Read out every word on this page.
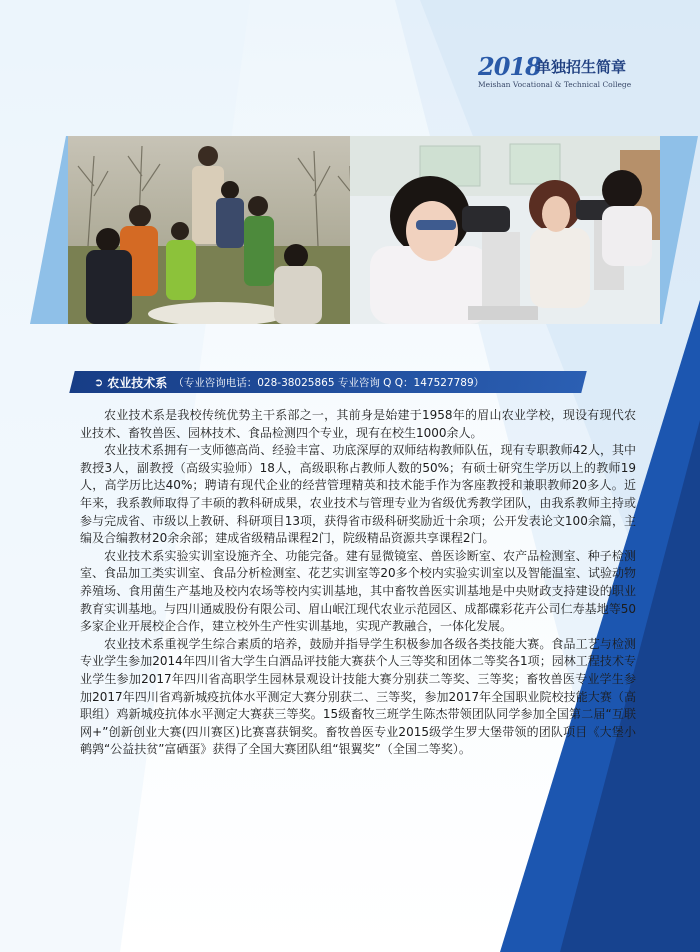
2018
单独招生简章
Meishan Vocational & Technical College
➲ 农业技术系 （专业咨询电话：028-38025865 专业咨询 Q Q：147527789）

农业技术系是我校传统优势主干系部之一，其前身是始建于1958年的眉山农业学校，现设有现代农业技术、畜牧兽医、园林技术、食品检测四个专业，现有在校生1000余人。

农业技术系拥有一支师德高尚、经验丰富、功底深厚的双师结构教师队伍，现有专职教师42人，其中教授3人，副教授（高级实验师）18人，高级职称占教师人数的50%；有硕士研究生学历以上的教师19人，高学历比达40%；聘请有现代企业的经营管理精英和技术能手作为客座教授和兼职教师20多人。近年来，我系教师取得了丰硕的教科研成果，农业技术与管理专业为省级优秀教学团队，由我系教师主持或参与完成省、市级以上教研、科研项目13项，获得省市级科研奖励近十余项；公开发表论文100余篇，主编及合编教材20余余部；建成省级精品课程2门，院级精品资源共享课程2门。

农业技术系实验实训室设施齐全、功能完备。建有显微镜室、兽医诊断室、农产品检测室、种子检测室、食品加工类实训室、食品分析检测室、花艺实训室等20多个校内实验实训室以及智能温室、试验动物养殖场、食用菌生产基地及校内农场等校内实训基地，其中畜牧兽医实训基地是中央财政支持建设的职业教育实训基地。与四川通威股份有限公司、眉山岷江现代农业示范园区、成都碟彩花卉公司仁寿基地等50多家企业开展校企合作，建立校外生产性实训基地，实现产教融合，一体化发展。

农业技术系重视学生综合素质的培养，鼓励并指导学生积极参加各级各类技能大赛。食品工艺与检测专业学生参加2014年四川省大学生白酒品评技能大赛获个人三等奖和团体二等奖各1项；园林工程技术专业学生参加2017年四川省高职学生园林景观设计技能大赛分别获二等奖、三等奖；畜牧兽医专业学生参加2017年四川省鸡新城疫抗体水平测定大赛分别获二、三等奖，参加2017年全国职业院校技能大赛（高职组）鸡新城疫抗体水平测定大赛获三等奖。15级畜牧三班学生陈杰带领团队同学参加全国第二届“互联网+”创新创业大赛(四川赛区)比赛喜获铜奖。畜牧兽医专业2015级学生罗大堡带领的团队项目《大堡小鹌鹑“公益扶贫”富硒蛋》获得了全国大赛团队组“银翼奖”（全国二等奖）。
